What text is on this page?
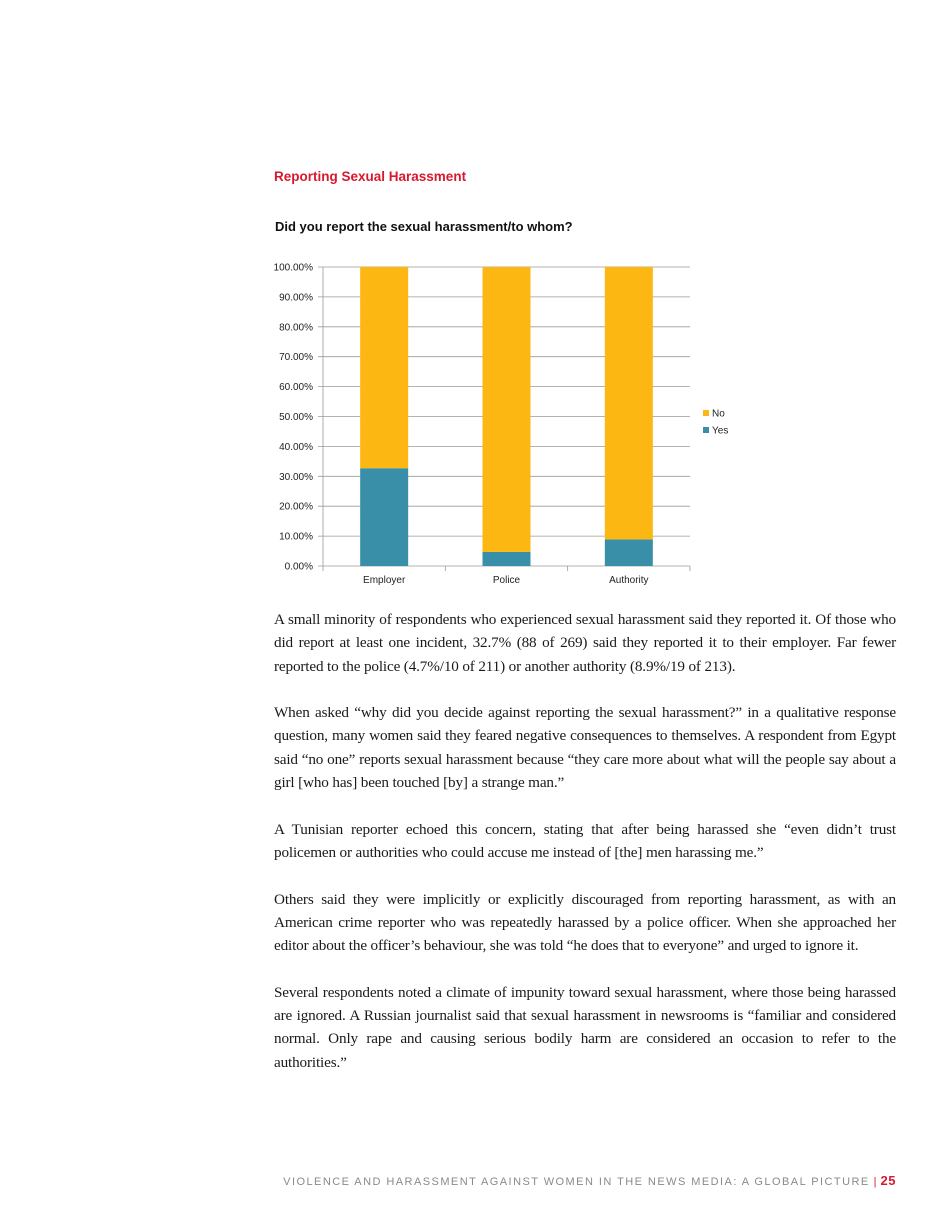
Reporting Sexual Harassment
Did you report the sexual harassment/to whom?
0.00%
10.00%
20.00%
30.00%
40.00%
50.00%
60.00%
70.00%
80.00%
90.00%
100.00%
Employer	Police	Authority
No
Yes

A small minority of respondents who experienced sexual harassment said they reported it. Of those who did report at least one incident, 32.7% (88 of 269) said they reported it to their employer. Far fewer reported to the police (4.7%/10 of 211) or another authority (8.9%/19 of 213).

When asked “why did you decide against reporting the sexual harassment?” in a qualitative response question, many women said they feared negative consequences to themselves. A respondent from Egypt said “no one” reports sexual harassment because “they care more about what will the people say about a girl [who has] been touched [by] a strange man.”

A Tunisian reporter echoed this concern, stating that after being harassed she “even didn’t trust policemen or authorities who could accuse me instead of [the] men harassing me.”

Others said they were implicitly or explicitly discouraged from reporting harassment, as with an American crime reporter who was repeatedly harassed by a police officer. When she approached her editor about the officer’s behaviour, she was told “he does that to everyone” and urged to ignore it.

Several respondents noted a climate of impunity toward sexual harassment, where those being harassed are ignored. A Russian journalist said that sexual harassment in newsrooms is “familiar and considered normal. Only rape and causing serious bodily harm are considered an occasion to refer to the authorities.”

VIOLENCE AND HARASSMENT AGAINST WOMEN IN THE NEWS MEDIA: A GLOBAL PICTURE | 25
